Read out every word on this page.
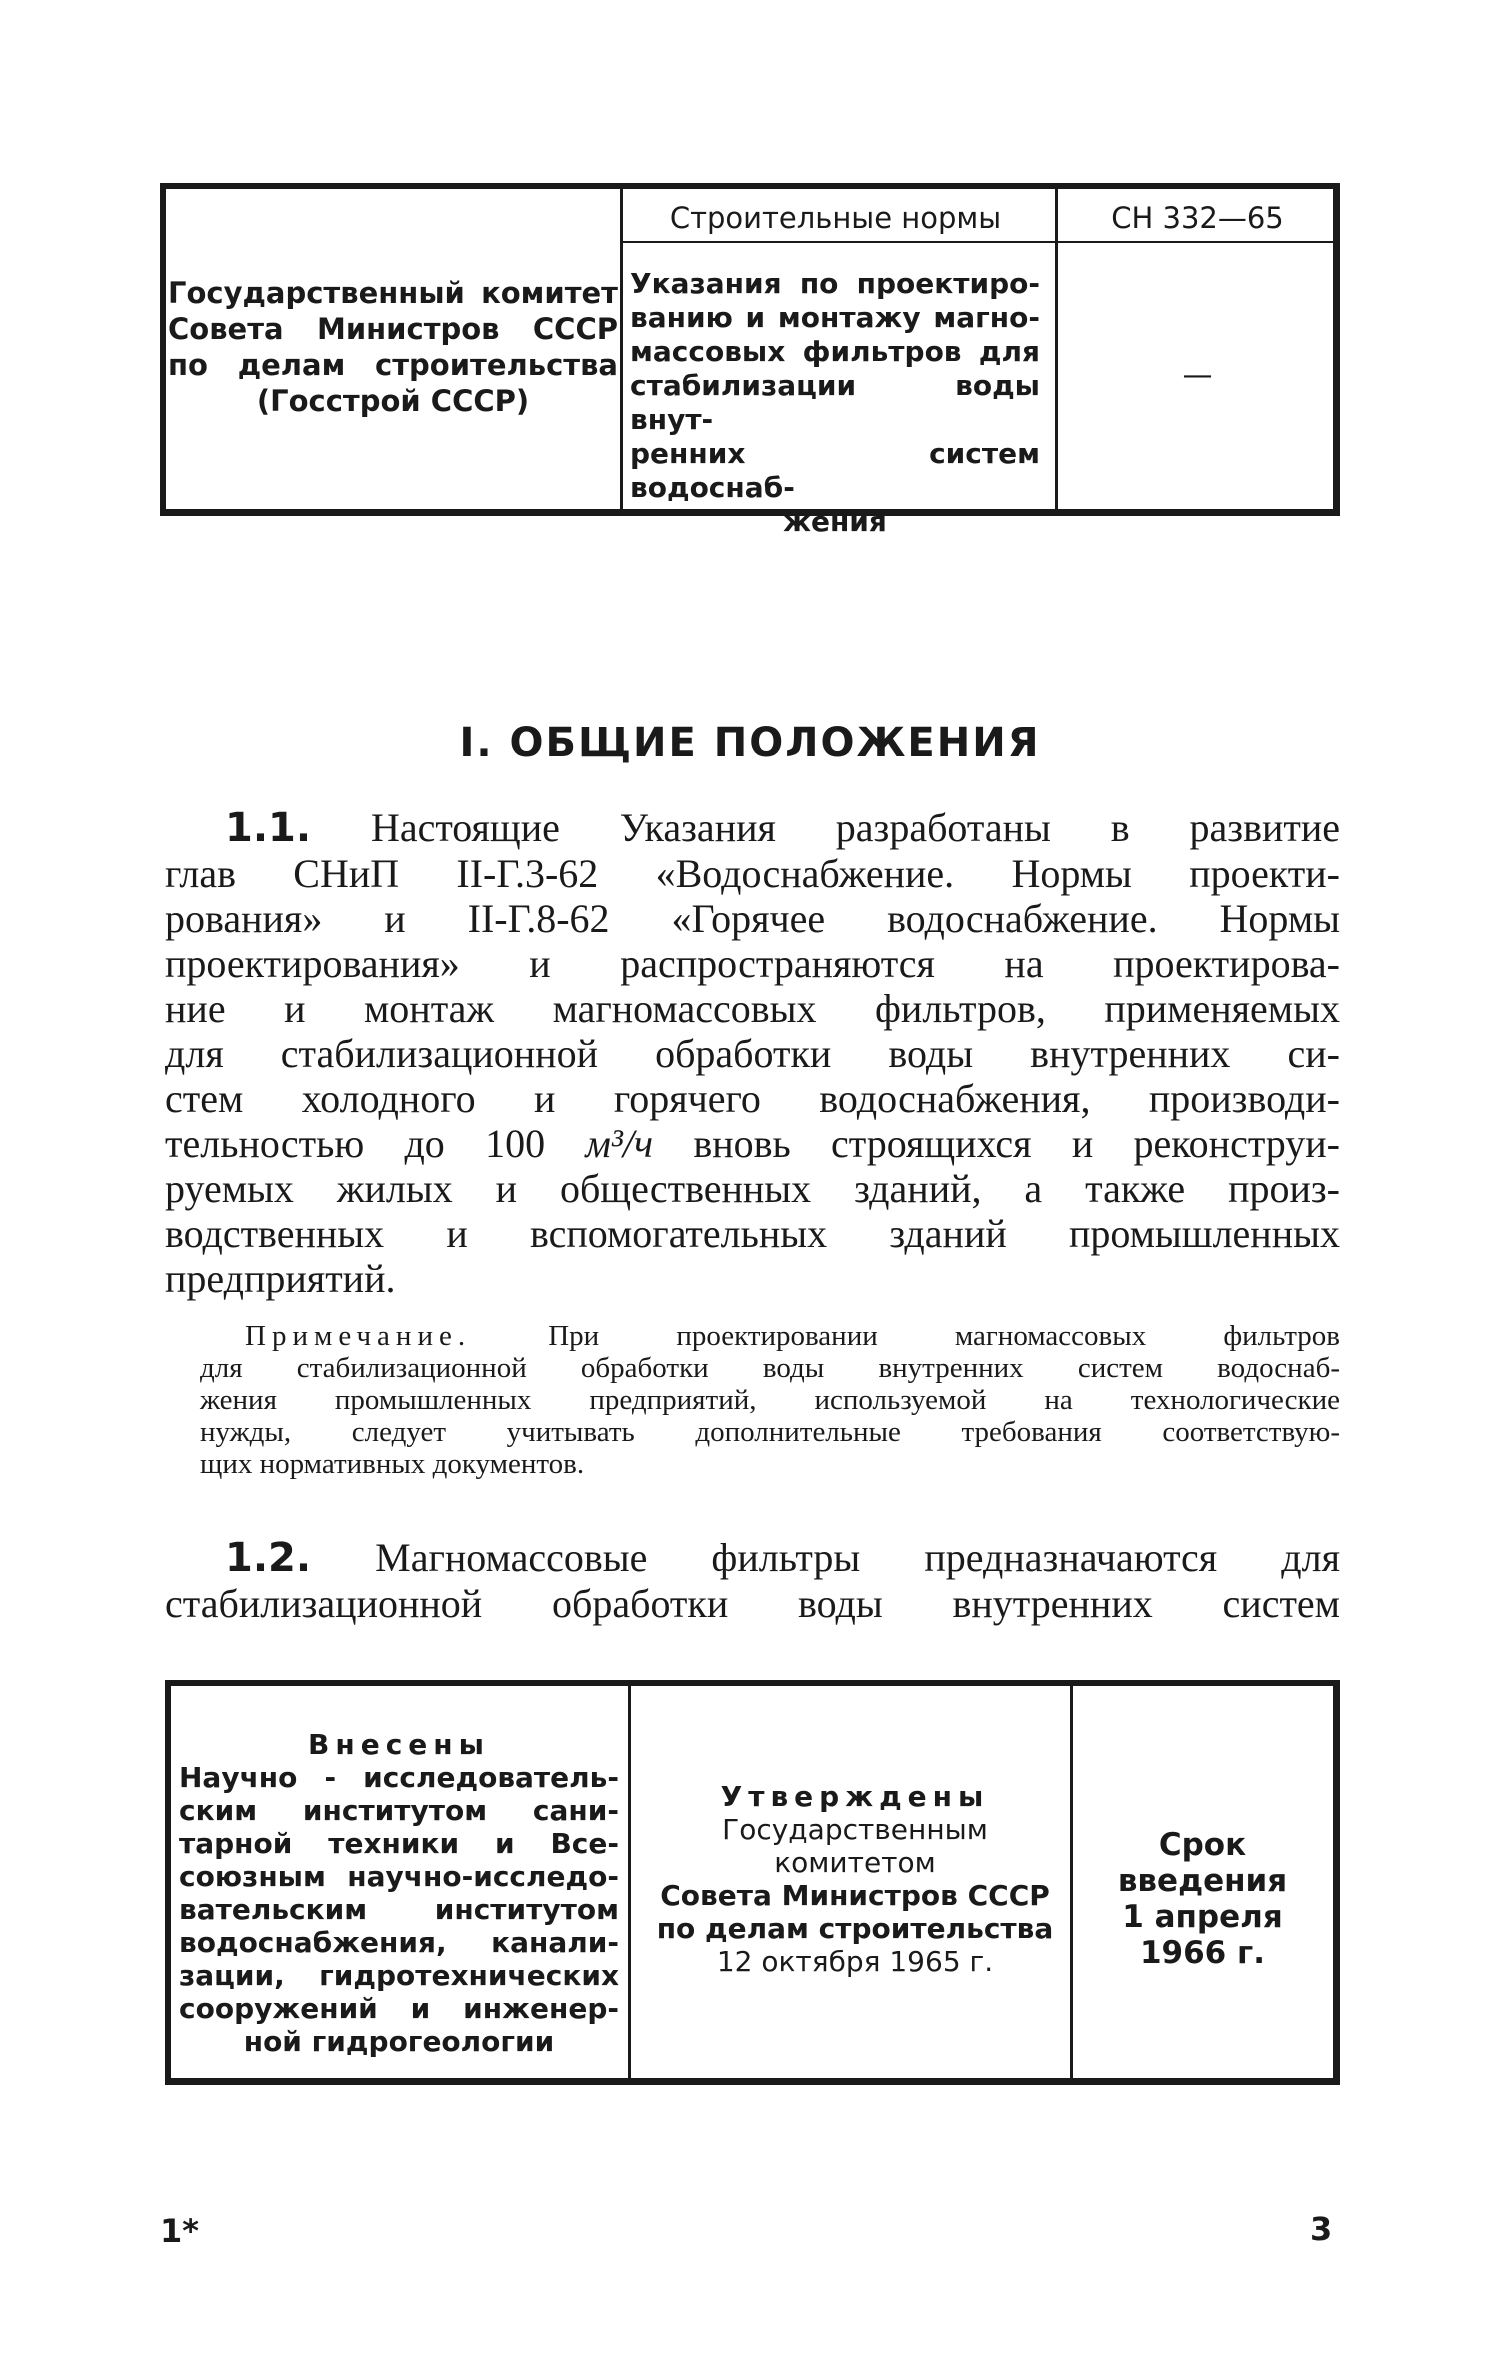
Государственный комитет
Совета Министров СССР
по делам строительства
(Госстрой СССР)
Строительные нормы	СН 332—65
Указания по проектиро-
ванию и монтажу магно-
массовых фильтров для
стабилизации воды внут-
ренних систем водоснаб-
жения
—
I. ОБЩИЕ ПОЛОЖЕНИЯ
1.1. Настоящие Указания разработаны в развитие
глав СНиП II-Г.3-62 «Водоснабжение. Нормы проекти-
рования» и II-Г.8-62 «Горячее водоснабжение. Нормы
проектирования» и распространяются на проектирова-
ние и монтаж магномассовых фильтров, применяемых
для стабилизационной обработки воды внутренних си-
стем холодного и горячего водоснабжения, производи-
тельностью до 100 м³/ч вновь строящихся и реконструи-
руемых жилых и общественных зданий, а также произ-
водственных и вспомогательных зданий промышленных
предприятий.
Примечание. При проектировании магномассовых фильтров
для стабилизационной обработки воды внутренних систем водоснаб-
жения промышленных предприятий, используемой на технологические
нужды, следует учитывать дополнительные требования соответствую-
щих нормативных документов.
1.2. Магномассовые фильтры предназначаются для
стабилизационной обработки воды внутренних систем
Внесены
Научно - исследователь-
ским институтом сани-
тарной техники и Все-
союзным научно-исследо-
вательским институтом
водоснабжения, канали-
зации, гидротехнических
сооружений и инженер-
ной гидрогеологии
Утверждены
Государственным
комитетом
Совета Министров СССР
по делам строительства
12 октября 1965 г.
Срок
введения
1 апреля
1966 г.
1*	3
